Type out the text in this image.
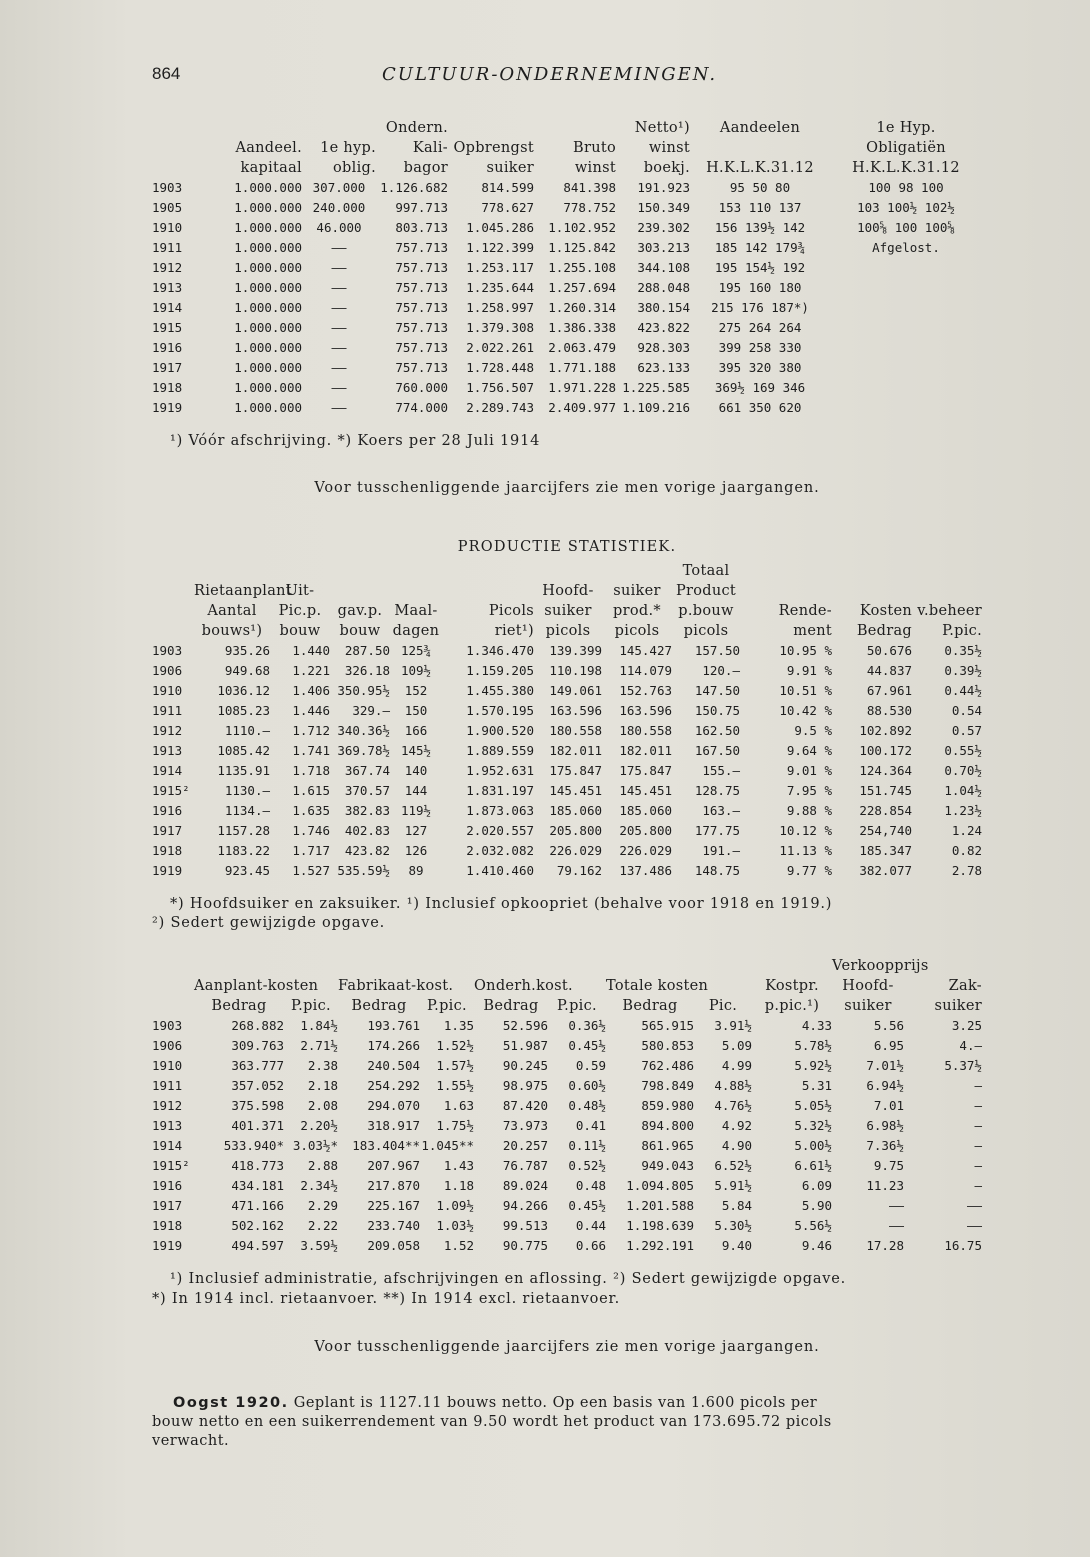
864	CULTUUR-ONDERNEMINGEN.
			Ondern.			Netto¹)	Aandeelen	1e Hyp.
	Aandeel.	1e hyp.	Kali-	Opbrengst	Bruto	winst		Obligatiën
	kapitaal	oblig.	bagor	suiker	winst	boekj.	H.K.L.K.31.12	H.K.L.K.31.12
1903	1.000.000	307.000	1.126.682	814.599	841.398	191.923	95 50 80	100 98 100
1905	1.000.000	240.000	997.713	778.627	778.752	150.349	153 110 137	103 100½ 102½
1910	1.000.000	46.000	803.713	1.045.286	1.102.952	239.302	156 139½ 142	100⅝ 100 100⅝
1911	1.000.000	——	757.713	1.122.399	1.125.842	303.213	185 142 179¾	Afgelost.
1912	1.000.000	——	757.713	1.253.117	1.255.108	344.108	195 154½ 192	
1913	1.000.000	——	757.713	1.235.644	1.257.694	288.048	195 160 180	
1914	1.000.000	——	757.713	1.258.997	1.260.314	380.154	215 176 187*)	
1915	1.000.000	——	757.713	1.379.308	1.386.338	423.822	275 264 264	
1916	1.000.000	——	757.713	2.022.261	2.063.479	928.303	399 258 330	
1917	1.000.000	——	757.713	1.728.448	1.771.188	623.133	395 320 380	
1918	1.000.000	——	760.000	1.756.507	1.971.228	1.225.585	369½ 169 346	
1919	1.000.000	——	774.000	2.289.743	2.409.977	1.109.216	661 350 620	
¹) Vóór afschrijving. *) Koers per 28 Juli 1914
Voor tusschenliggende jaarcijfers zie men vorige jaargangen.
PRODUCTIE STATISTIEK.
								Totaal			
	Rietaanplant	Uit-				Hoofd-	suiker	Product			
	Aantal	Pic.p.	gav.p.	Maal-	Picols	suiker	prod.*	p.bouw	Rende-	Kosten	v.beheer
	bouws¹)	bouw	bouw	dagen	riet¹)	picols	picols	picols	ment	Bedrag	P.pic.
1903	935.26	1.440	287.50	125¾	1.346.470	139.399	145.427	157.50	10.95 %	50.676	0.35½
1906	949.68	1.221	326.18	109½	1.159.205	110.198	114.079	120.—	9.91 %	44.837	0.39½
1910	1036.12	1.406	350.95½	152	1.455.380	149.061	152.763	147.50	10.51 %	67.961	0.44½
1911	1085.23	1.446	329.—	150	1.570.195	163.596	163.596	150.75	10.42 %	88.530	0.54
1912	1110.—	1.712	340.36½	166	1.900.520	180.558	180.558	162.50	9.5 %	102.892	0.57
1913	1085.42	1.741	369.78½	145½	1.889.559	182.011	182.011	167.50	9.64 %	100.172	0.55½
1914	1135.91	1.718	367.74	140	1.952.631	175.847	175.847	155.—	9.01 %	124.364	0.70½
1915²	1130.—	1.615	370.57	144	1.831.197	145.451	145.451	128.75	7.95 %	151.745	1.04½
1916	1134.—	1.635	382.83	119½	1.873.063	185.060	185.060	163.—	9.88 %	228.854	1.23½
1917	1157.28	1.746	402.83	127	2.020.557	205.800	205.800	177.75	10.12 %	254,740	1.24
1918	1183.22	1.717	423.82	126	2.032.082	226.029	226.029	191.—	11.13 %	185.347	0.82
1919	923.45	1.527	535.59½	89	1.410.460	79.162	137.486	148.75	9.77 %	382.077	2.78
*) Hoofdsuiker en zaksuiker. ¹) Inclusief opkoopriet (behalve voor 1918 en 1919.)
²) Sedert gewijzigde opgave.
										Verkoopprijs	
	Aanplant-kosten		Fabrikaat-kost.		Onderh.kost.		Totale kosten		Kostpr.	Hoofd-	Zak-
	Bedrag	P.pic.	Bedrag	P.pic.	Bedrag	P.pic.	Bedrag	Pic.	p.pic.¹)	suiker	suiker
1903	268.882	1.84½	193.761	1.35	52.596	0.36½	565.915	3.91½	4.33	5.56	3.25
1906	309.763	2.71½	174.266	1.52½	51.987	0.45½	580.853	5.09	5.78½	6.95	4.—
1910	363.777	2.38	240.504	1.57½	90.245	0.59	762.486	4.99	5.92½	7.01½	5.37½
1911	357.052	2.18	254.292	1.55½	98.975	0.60½	798.849	4.88½	5.31	6.94½	—
1912	375.598	2.08	294.070	1.63	87.420	0.48½	859.980	4.76½	5.05½	7.01	—
1913	401.371	2.20½	318.917	1.75½	73.973	0.41	894.800	4.92	5.32½	6.98½	—
1914	533.940*	3.03½*	183.404**	1.045**	20.257	0.11½	861.965	4.90	5.00½	7.36½	—
1915²	418.773	2.88	207.967	1.43	76.787	0.52½	949.043	6.52½	6.61½	9.75	—
1916	434.181	2.34½	217.870	1.18	89.024	0.48	1.094.805	5.91½	6.09	11.23	—
1917	471.166	2.29	225.167	1.09½	94.266	0.45½	1.201.588	5.84	5.90	——	——
1918	502.162	2.22	233.740	1.03½	99.513	0.44	1.198.639	5.30½	5.56½	——	——
1919	494.597	3.59½	209.058	1.52	90.775	0.66	1.292.191	9.40	9.46	17.28	16.75
¹) Inclusief administratie, afschrijvingen en aflossing. ²) Sedert gewijzigde opgave.
*) In 1914 incl. rietaanvoer. **) In 1914 excl. rietaanvoer.
Voor tusschenliggende jaarcijfers zie men vorige jaargangen.
Oogst 1920. Geplant is 1127.11 bouws netto. Op een basis van 1.600 picols per

bouw netto en een suikerrendement van 9.50 wordt het product van 173.695.72 picols
verwacht.
